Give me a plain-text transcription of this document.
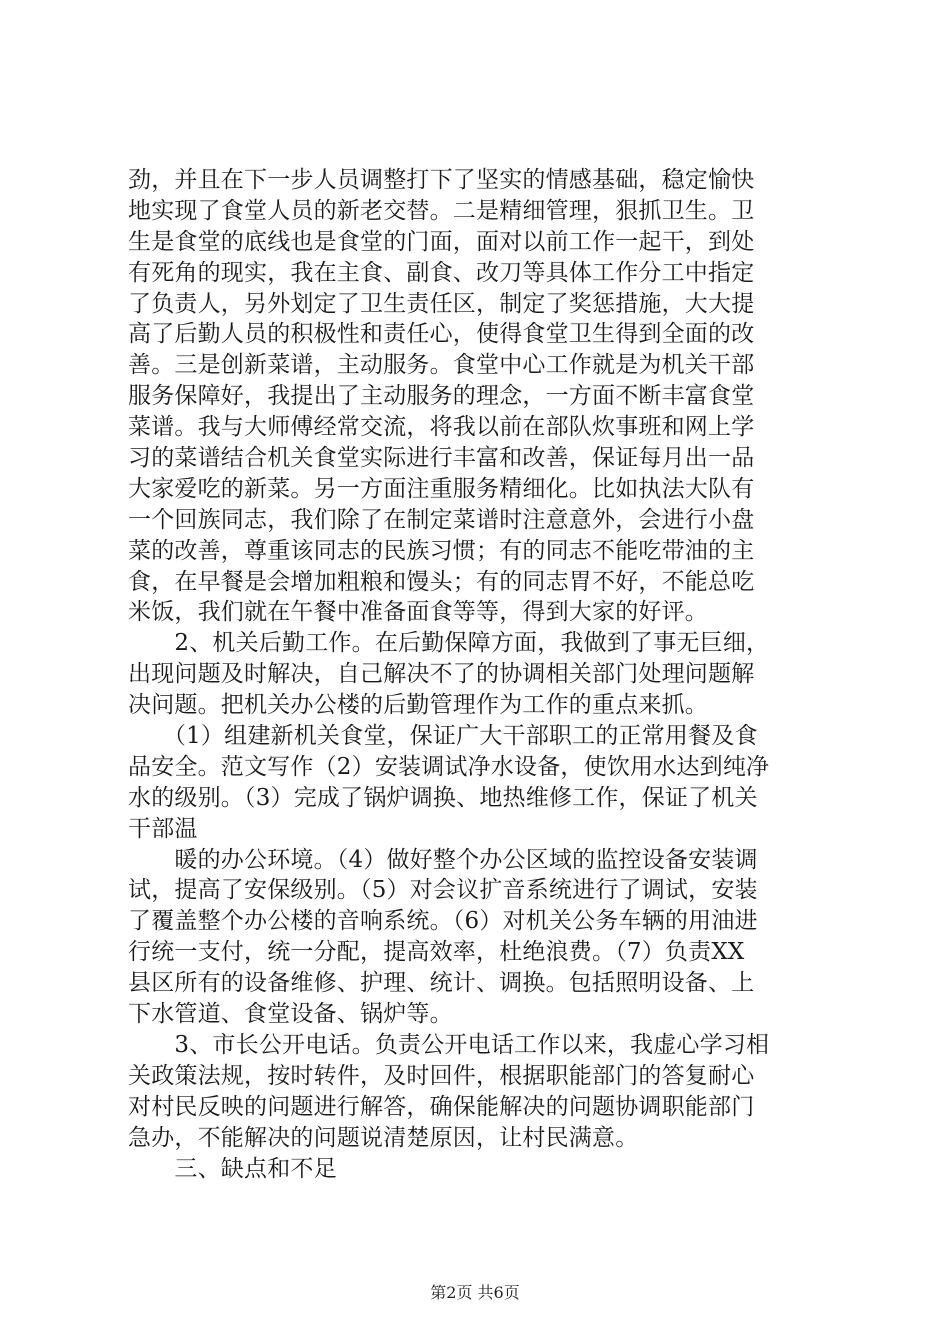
劲，并且在下一步人员调整打下了坚实的情感基础，稳定愉快
地实现了食堂人员的新老交替。二是精细管理，狠抓卫生。卫
生是食堂的底线也是食堂的门面，面对以前工作一起干，到处
有死角的现实，我在主食、副食、改刀等具体工作分工中指定
了负责人，另外划定了卫生责任区，制定了奖惩措施，大大提
高了后勤人员的积极性和责任心，使得食堂卫生得到全面的改
善。三是创新菜谱，主动服务。食堂中心工作就是为机关干部
服务保障好，我提出了主动服务的理念，一方面不断丰富食堂
菜谱。我与大师傅经常交流，将我以前在部队炊事班和网上学
习的菜谱结合机关食堂实际进行丰富和改善，保证每月出一品
大家爱吃的新菜。另一方面注重服务精细化。比如执法大队有
一个回族同志，我们除了在制定菜谱时注意意外，会进行小盘
菜的改善，尊重该同志的民族习惯；有的同志不能吃带油的主
食，在早餐是会增加粗粮和馒头；有的同志胃不好，不能总吃
米饭，我们就在午餐中准备面食等等，得到大家的好评。
　　2、机关后勤工作。在后勤保障方面，我做到了事无巨细，
出现问题及时解决，自己解决不了的协调相关部门处理问题解
决问题。把机关办公楼的后勤管理作为工作的重点来抓。
　　（1）组建新机关食堂，保证广大干部职工的正常用餐及食
品安全。范文写作（2）安装调试净水设备，使饮用水达到纯净
水的级别。（3）完成了锅炉调换、地热维修工作，保证了机关
干部温
　　暖的办公环境。（4）做好整个办公区域的监控设备安装调
试，提高了安保级别。（5）对会议扩音系统进行了调试，安装
了覆盖整个办公楼的音响系统。（6）对机关公务车辆的用油进
行统一支付，统一分配，提高效率，杜绝浪费。（7）负责XX
县区所有的设备维修、护理、统计、调换。包括照明设备、上
下水管道、食堂设备、锅炉等。
　　3、市长公开电话。负责公开电话工作以来，我虚心学习相
关政策法规，按时转件，及时回件，根据职能部门的答复耐心
对村民反映的问题进行解答，确保能解决的问题协调职能部门
急办，不能解决的问题说清楚原因，让村民满意。
　　三、缺点和不足
第2页 共6页
